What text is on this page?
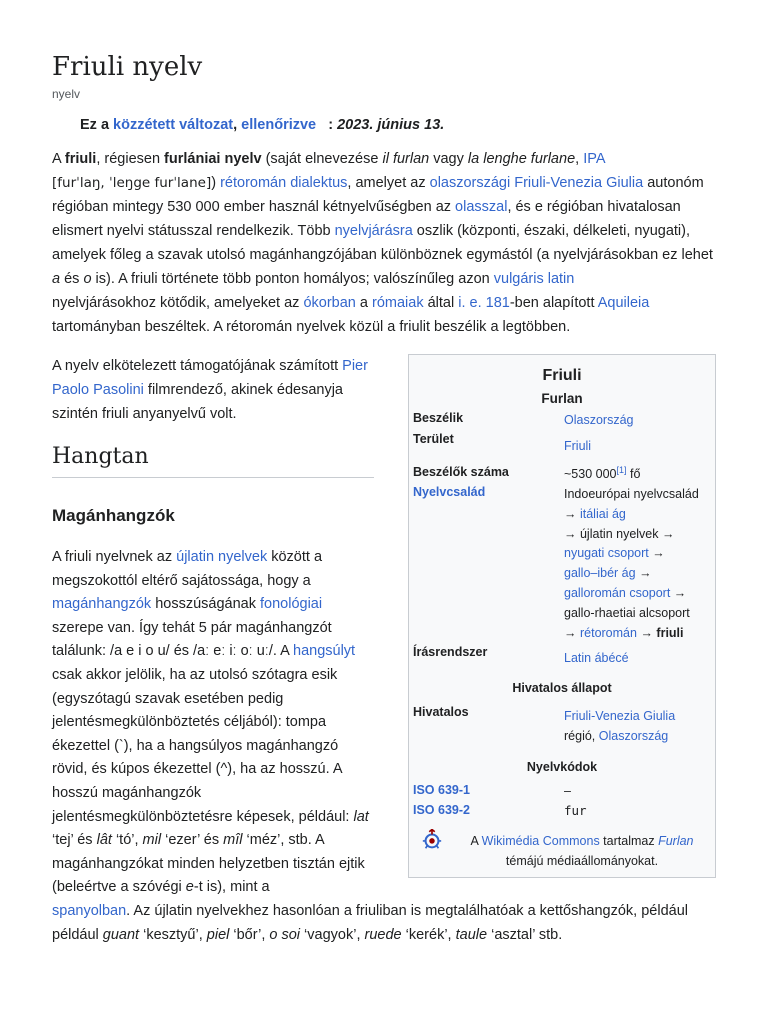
Friuli nyelv
nyelv
Ez a közzétett változat, ellenőrizve : 2023. június 13.

A friuli, régiesen furlániai nyelv (saját elnevezése il furlan vagy la lenghe furlane, IPA
[furˈlaŋ, ˈleŋge furˈlane]) rétoromán dialektus, amelyet az olaszországi Friuli-Venezia Giulia autonóm régióban mintegy 530 000 ember használ kétnyelvűségben az olasszal, és e régióban hivatalosan elismert nyelvi státusszal rendelkezik. Több nyelvjárásra oszlik (központi, északi, délkeleti, nyugati), amelyek főleg a szavak utolsó magánhangzójában különböznek egymástól (a nyelvjárásokban ez lehet a és o is). A friuli története több ponton homályos; valószínűleg azon vulgáris latin
nyelvjárásokhoz kötődik, amelyeket az ókorban a rómaiak által i. e. 181-ben alapított Aquileia
tartományban beszéltek. A rétoromán nyelvek közül a friulit beszélik a legtöbben.

A nyelv elkötelezett támogatójának számított Pier Paolo Pasolini filmrendező, akinek édesanyja szintén friuli anyanyelvű volt.

Hangtan
Magánhangzók

A friuli nyelvnek az újlatin nyelvek között a megszokottól eltérő sajátossága, hogy a magánhangzók hosszúságának fonológiai szerepe van. Így tehát 5 pár magánhangzót találunk: /a e i o u/ és /aː eː iː oː uː/. A hangsúlyt csak akkor jelölik, ha az utolsó szótagra esik (egyszótagú szavak esetében pedig jelentésmegkülönböztetés céljából): tompa ékezettel (`), ha a hangsúlyos magánhangzó rövid, és kúpos ékezettel (^), ha az hosszú. A hosszú magánhangzók jelentésmegkülönböztetésre képesek, például: lat ‘tej’ és lât ‘tó’, mil ‘ezer’ és mîl ‘méz’, stb. A magánhangzókat minden helyzetben tisztán ejtik (beleértve a szóvégi e-t is), mint a
spanyolban. Az újlatin nyelvekhez hasonlóan a friuliban is megtalálhatóak a kettőshangzók, például
például guant ‘kesztyű’, piel ‘bőr’, o soi ‘vagyok’, ruede ‘kerék’, taule ‘asztal’ stb.

Friuli
Furlan
Beszélik	Olaszország
Terület	Friuli
Beszélők száma	~530 000[1] fő
Nyelvcsalád	Indoeurópai nyelvcsalád → itáliai ág
→ újlatin nyelvek →
nyugati csoport →
gallo–ibér ág →
galloromán csoport →
gallo-rhaetiai alcsoport
→ rétoromán → friuli
Írásrendszer	Latin ábécé
Hivatalos állapot
Hivatalos	Friuli-Venezia Giulia
régió, Olaszország
Nyelvkódok
ISO 639-1	–
ISO 639-2	fur
A Wikimédia Commons tartalmaz Furlan
témájú médiaállományokat.
